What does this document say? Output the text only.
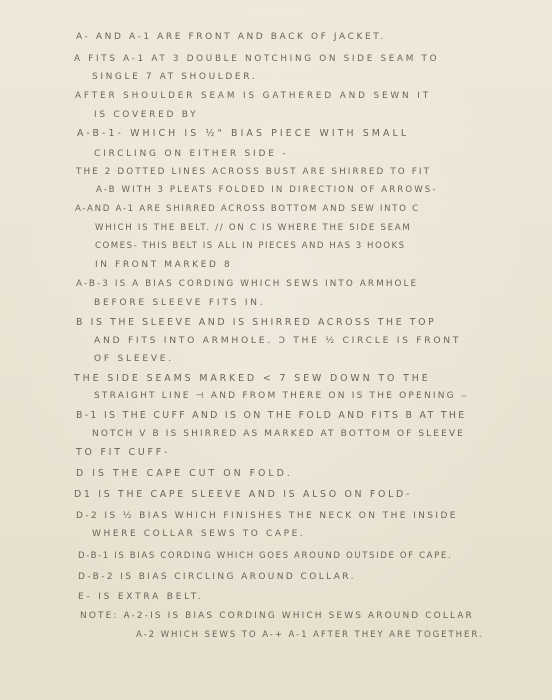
A- AND A-1 ARE FRONT AND BACK OF JACKET.
A FITS A-1 AT 3 DOUBLE NOTCHING ON SIDE SEAM TO
SINGLE 7 AT SHOULDER.
AFTER SHOULDER SEAM IS GATHERED AND SEWN IT
IS COVERED BY
A-B-1- WHICH IS ½" BIAS PIECE WITH SMALL
CIRCLING ON EITHER SIDE -
THE 2 DOTTED LINES ACROSS BUST ARE SHIRRED TO FIT
A-B WITH 3 PLEATS FOLDED IN DIRECTION OF ARROWS-
A-AND A-1 ARE SHIRRED ACROSS BOTTOM AND SEW INTO C
WHICH IS THE BELT. // ON C IS WHERE THE SIDE SEAM
COMES- THIS BELT IS ALL IN PIECES AND HAS 3 HOOKS
IN FRONT MARKED 8
A-B-3 IS A BIAS CORDING WHICH SEWS INTO ARMHOLE
BEFORE SLEEVE FITS IN.
B IS THE SLEEVE AND IS SHIRRED ACROSS THE TOP
AND FITS INTO ARMHOLE. Ↄ THE ½ CIRCLE IS FRONT
OF SLEEVE.
THE SIDE SEAMS MARKED < 7 SEW DOWN TO THE
STRAIGHT LINE ⊣ AND FROM THERE ON IS THE OPENING ⌢
B-1 IS THE CUFF AND IS ON THE FOLD AND FITS B AT THE
NOTCH V B IS SHIRRED AS MARKED AT BOTTOM OF SLEEVE
TO FIT CUFF-
D IS THE CAPE CUT ON FOLD.
D1 IS THE CAPE SLEEVE AND IS ALSO ON FOLD-
D-2 IS ½ BIAS WHICH FINISHES THE NECK ON THE INSIDE
WHERE COLLAR SEWS TO CAPE.
D-B-1 IS BIAS CORDING WHICH GOES AROUND OUTSIDE OF CAPE.
D-B-2 IS BIAS CIRCLING AROUND COLLAR.
E- IS EXTRA BELT.
NOTE: A-2-IS IS BIAS CORDING WHICH SEWS AROUND COLLAR
A-2 WHICH SEWS TO A-+ A-1 AFTER THEY ARE TOGETHER.
